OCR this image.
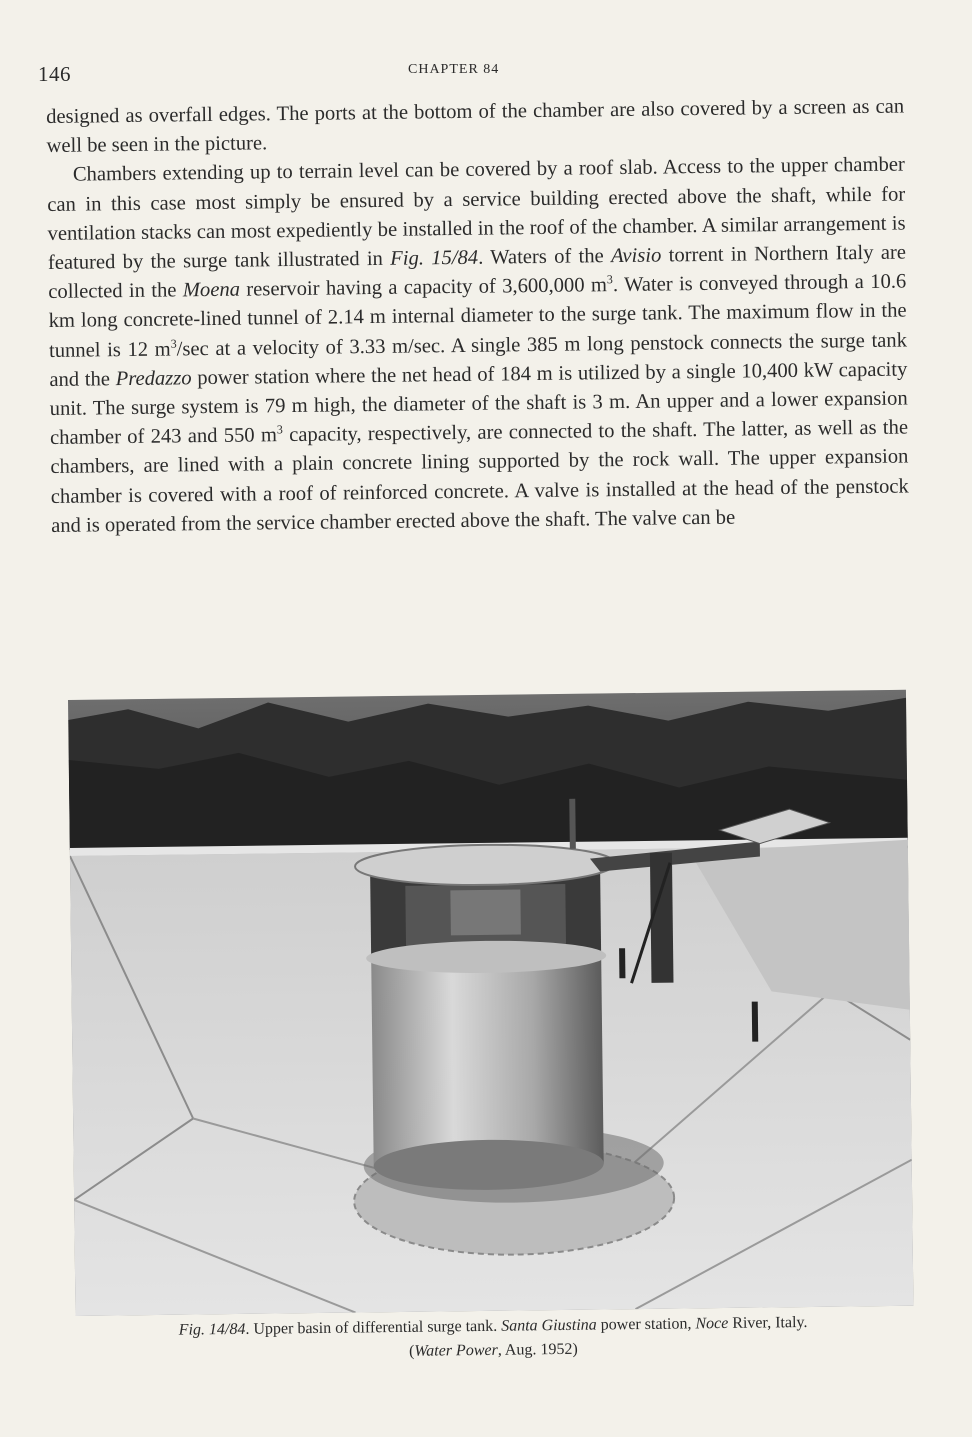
146	CHAPTER 84

designed as overfall edges. The ports at the bottom of the chamber are also covered by a screen as can well be seen in the picture.

Chambers extending up to terrain level can be covered by a roof slab. Access to the upper chamber can in this case most simply be ensured by a service building erected above the shaft, while for ventilation stacks can most expediently be installed in the roof of the chamber. A similar arrangement is featured by the surge tank illustrated in Fig. 15/84. Waters of the Avisio torrent in Northern Italy are collected in the Moena reservoir having a capacity of 3,600,000 $m^3$. Water is conveyed through a 10.6 km long concrete-lined tunnel of 2.14 m internal diameter to the surge tank. The maximum flow in the tunnel is 12 $m^3/\sec$ at a velocity of 3.33 m/sec. A single 385 m long penstock connects the surge tank and the Predazzo power station where the net head of 184 m is utilized by a single 10,400 kW capacity unit. The surge system is 79 m high, the diameter of the shaft is 3 m. An upper and a lower expansion chamber of 243 and 550 $m^3$ capacity, respectively, are connected to the shaft. The latter, as well as the chambers, are lined with a plain concrete lining supported by the rock wall. The upper expansion chamber is covered with a roof of reinforced concrete. A valve is installed at the head of the penstock and is operated from the service chamber erected above the shaft. The valve can be

Fig. 14/84. Upper basin of differential surge tank. Santa Giustina power station, Noce River, Italy.
(Water Power, Aug. 1952)
